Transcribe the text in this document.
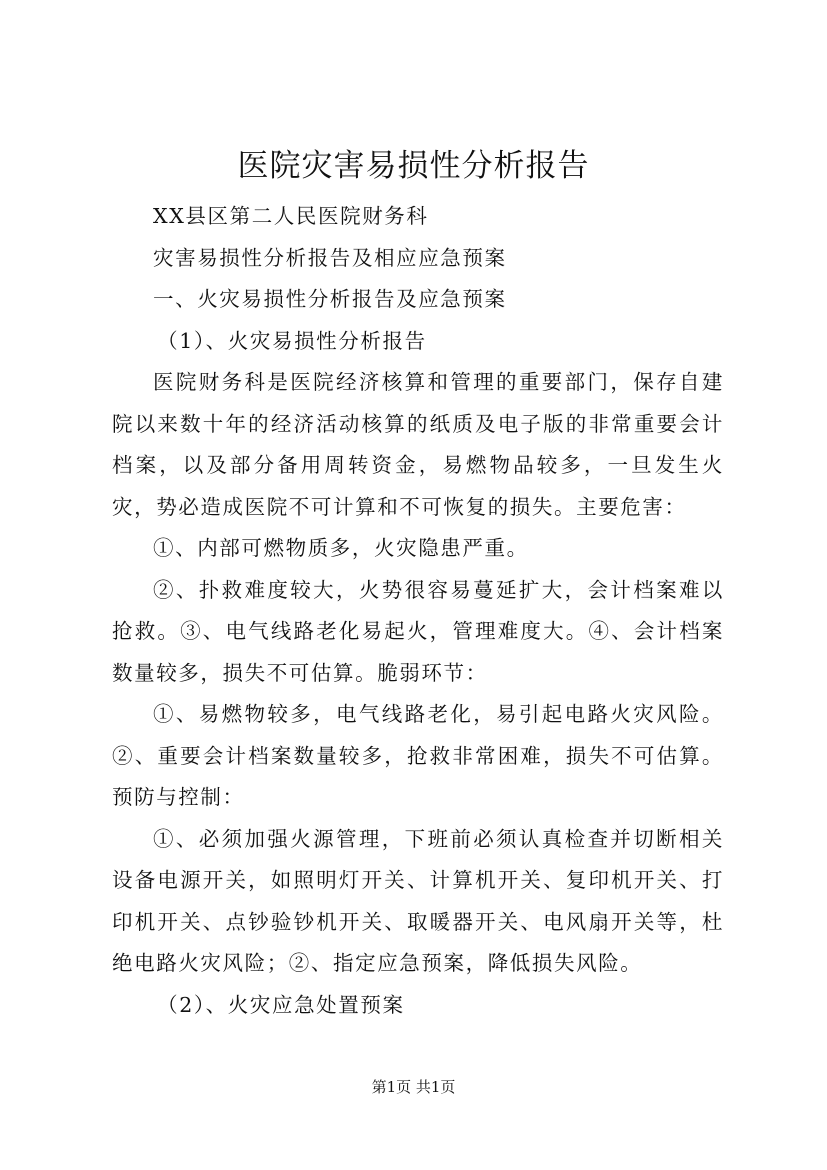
医院灾害易损性分析报告

XX县区第二人民医院财务科

灾害易损性分析报告及相应应急预案

一、火灾易损性分析报告及应急预案

（1）、火灾易损性分析报告

医院财务科是医院经济核算和管理的重要部门，保存自建院以来数十年的经济活动核算的纸质及电子版的非常重要会计档案，以及部分备用周转资金，易燃物品较多，一旦发生火灾，势必造成医院不可计算和不可恢复的损失。主要危害：

①、内部可燃物质多，火灾隐患严重。

②、扑救难度较大，火势很容易蔓延扩大，会计档案难以抢救。③、电气线路老化易起火，管理难度大。④、会计档案数量较多，损失不可估算。脆弱环节：

①、易燃物较多，电气线路老化，易引起电路火灾风险。②、重要会计档案数量较多，抢救非常困难，损失不可估算。预防与控制：

①、必须加强火源管理，下班前必须认真检查并切断相关设备电源开关，如照明灯开关、计算机开关、复印机开关、打印机开关、点钞验钞机开关、取暖器开关、电风扇开关等，杜绝电路火灾风险；②、指定应急预案，降低损失风险。

（2）、火灾应急处置预案

第1页 共1页
